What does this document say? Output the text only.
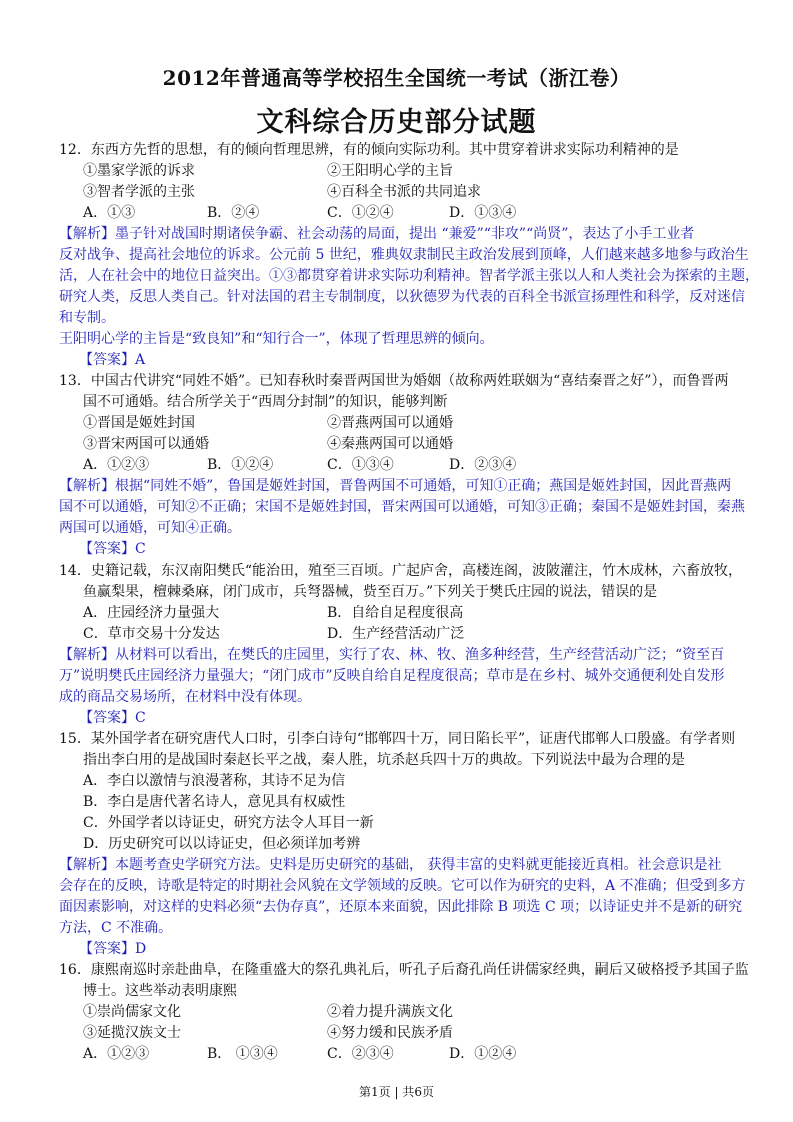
2012年普通高等学校招生全国统一考试（浙江卷）
文科综合历史部分试题
12．东西方先哲的思想，有的倾向哲理思辨，有的倾向实际功利。其中贯穿着讲求实际功利精神的是
①墨家学派的诉求	②王阳明心学的主旨
③智者学派的主张	④百科全书派的共同追求
A．①③	B．②④	C．①②④	D．①③④
【解析】墨子针对战国时期诸侯争霸、社会动荡的局面，提出 “兼爱”“非攻”“尚贤”，表达了小手工业者
反对战争、提高社会地位的诉求。公元前 5 世纪，雅典奴隶制民主政治发展到顶峰，人们越来越多地参与政治生
活，人在社会中的地位日益突出。①③都贯穿着讲求实际功利精神。智者学派主张以人和人类社会为探索的主题，
研究人类，反思人类自己。针对法国的君主专制制度，以狄德罗为代表的百科全书派宣扬理性和科学，反对迷信
和专制。
王阳明心学的主旨是“致良知”和“知行合一”，体现了哲理思辨的倾向。
【答案】A
13．中国古代讲究“同姓不婚”。已知春秋时秦晋两国世为婚姻（故称两姓联姻为“喜结秦晋之好”），而鲁晋两
国不可通婚。结合所学关于“西周分封制”的知识，能够判断
①晋国是姬姓封国	②晋燕两国可以通婚
③晋宋两国可以通婚	④秦燕两国可以通婚
A．①②③	B．①②④	C．①③④	D．②③④
【解析】根据“同姓不婚”，鲁国是姬姓封国，晋鲁两国不可通婚，可知①正确；燕国是姬姓封国，因此晋燕两
国不可以通婚，可知②不正确；宋国不是姬姓封国，晋宋两国可以通婚，可知③正确；秦国不是姬姓封国，秦燕
两国可以通婚，可知④正确。
【答案】C
14．史籍记载，东汉南阳樊氏“能治田，殖至三百顷。广起庐舍，高楼连阁，波陂灌注，竹木成林，六畜放牧，
鱼赢梨果，檀棘桑麻，闭门成市，兵弩器械，赀至百万。”下列关于樊氏庄园的说法，错误的是
A．庄园经济力量强大	B．自给自足程度很高
C．草市交易十分发达	D．生产经营活动广泛
【解析】从材料可以看出，在樊氏的庄园里，实行了农、林、牧、渔多种经营，生产经营活动广泛；“资至百
万”说明樊氏庄园经济力量强大；“闭门成市”反映自给自足程度很高；草市是在乡村、城外交通便利处自发形
成的商品交易场所，在材料中没有体现。
【答案】C
15．某外国学者在研究唐代人口时，引李白诗句“邯郸四十万，同日陷长平”，证唐代邯郸人口殷盛。有学者则
指出李白用的是战国时秦赵长平之战，秦人胜，坑杀赵兵四十万的典故。下列说法中最为合理的是
A．李白以激情与浪漫著称，其诗不足为信
B．李白是唐代著名诗人，意见具有权威性
C．外国学者以诗证史，研究方法令人耳目一新
D．历史研究可以以诗证史，但必须详加考辨
【解析】本题考查史学研究方法。史料是历史研究的基础， 获得丰富的史料就更能接近真相。社会意识是社
会存在的反映，诗歌是特定的时期社会风貌在文学领域的反映。它可以作为研究的史料，A 不准确；但受到多方
面因素影响，对这样的史料必须“去伪存真”，还原本来面貌，因此排除 B 项选 C 项；以诗证史并不是新的研究
方法，C 不准确。
【答案】D
16．康熙南巡时亲赴曲阜，在隆重盛大的祭孔典礼后，听孔子后裔孔尚任讲儒家经典，嗣后又破格授予其国子监
博士。这些举动表明康熙
①崇尚儒家文化	②着力提升满族文化
③延揽汉族文士	④努力缓和民族矛盾
A．①②③	B． ①③④	C．②③④	D．①②④
第1页 | 共6页
